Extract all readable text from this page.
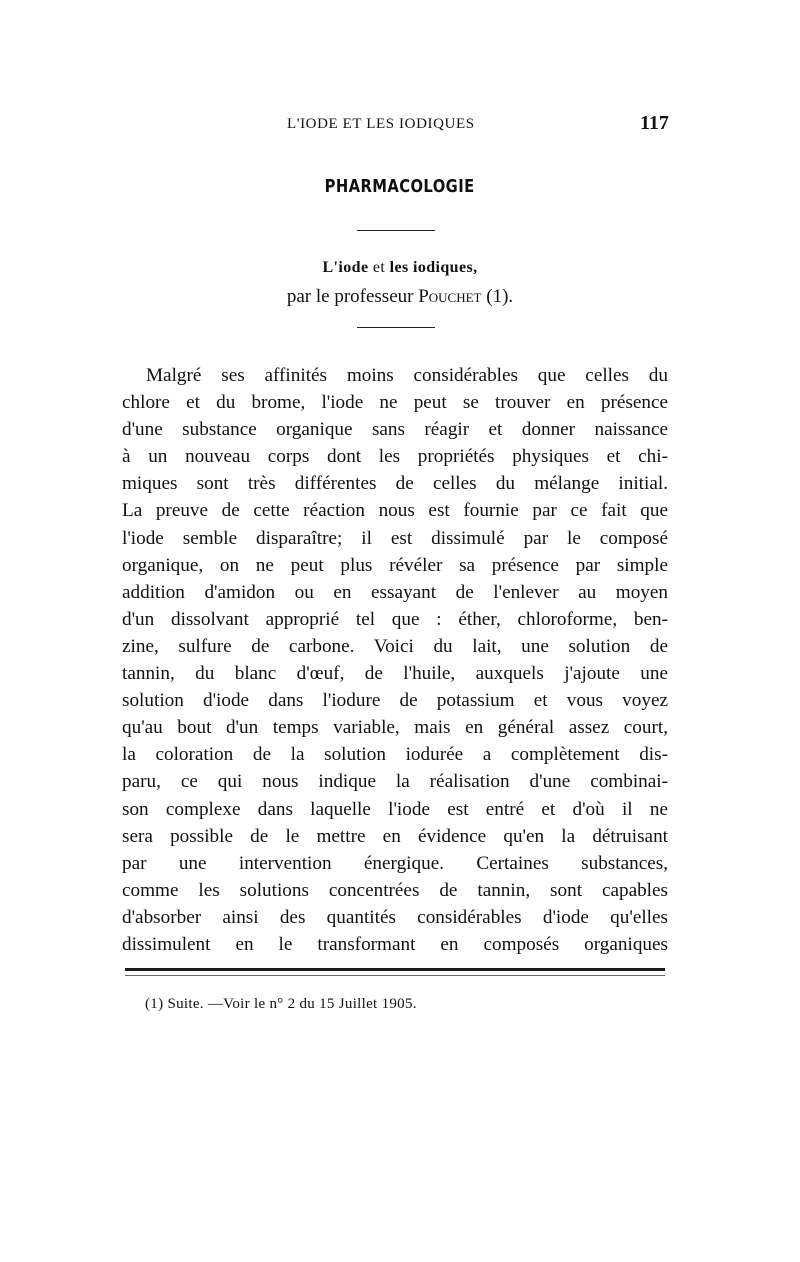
L'IODE ET LES IODIQUES	117
PHARMACOLOGIE
L'iode et les iodiques,
par le professeur Pouchet (1).
Malgré ses affinités moins considérables que celles du
chlore et du brome, l'iode ne peut se trouver en présence
d'une substance organique sans réagir et donner naissance
à un nouveau corps dont les propriétés physiques et chi-
miques sont très différentes de celles du mélange initial.
La preuve de cette réaction nous est fournie par ce fait que
l'iode semble disparaître; il est dissimulé par le composé
organique, on ne peut plus révéler sa présence par simple
addition d'amidon ou en essayant de l'enlever au moyen
d'un dissolvant approprié tel que : éther, chloroforme, ben-
zine, sulfure de carbone. Voici du lait, une solution de
tannin, du blanc d'œuf, de l'huile, auxquels j'ajoute une
solution d'iode dans l'iodure de potassium et vous voyez
qu'au bout d'un temps variable, mais en général assez court,
la coloration de la solution iodurée a complètement dis-
paru, ce qui nous indique la réalisation d'une combinai-
son complexe dans laquelle l'iode est entré et d'où il ne
sera possible de le mettre en évidence qu'en la détruisant
par une intervention énergique. Certaines substances,
comme les solutions concentrées de tannin, sont capables
d'absorber ainsi des quantités considérables d'iode qu'elles
dissimulent en le transformant en composés organiques
(1) Suite. —Voir le n° 2 du 15 Juillet 1905.
